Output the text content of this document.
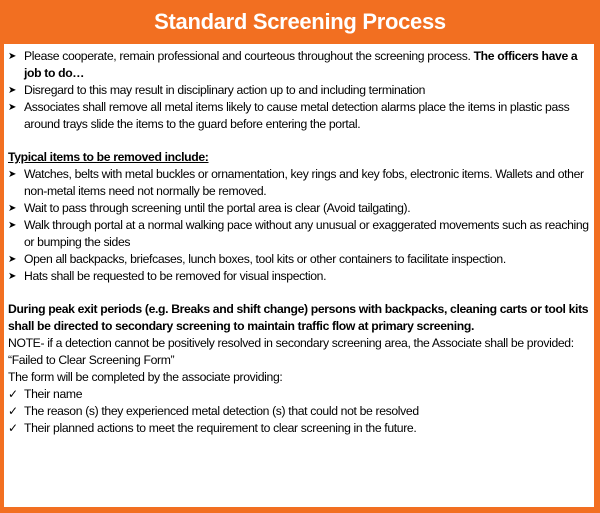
Standard Screening Process
➤ Please cooperate, remain professional and courteous throughout the screening process. The officers have a job to do…
➤ Disregard to this may result in disciplinary action up to and including termination
➤ Associates shall remove all metal items likely to cause metal detection alarms place the items in plastic pass around trays slide the items to the guard before entering the portal.
Typical items to be removed include:
➤ Watches, belts with metal buckles or ornamentation, key rings and key fobs, electronic items. Wallets and other non-metal items need not normally be removed.
➤ Wait to pass through screening until the portal area is clear (Avoid tailgating).
➤ Walk through portal at a normal walking pace without any unusual or exaggerated movements such as reaching or bumping the sides
➤ Open all backpacks, briefcases, lunch boxes, tool kits or other containers to facilitate inspection.
➤ Hats shall be requested to be removed for visual inspection.
During peak exit periods (e.g. Breaks and shift change) persons with backpacks, cleaning carts or tool kits shall be directed to secondary screening to maintain traffic flow at primary screening.
NOTE- if a detection cannot be positively resolved in secondary screening area, the Associate shall be provided: “Failed to Clear Screening Form”
The form will be completed by the associate providing:
✓ Their name
✓ The reason (s) they experienced metal detection (s) that could not be resolved
✓ Their planned actions to meet the requirement to clear screening in the future.
